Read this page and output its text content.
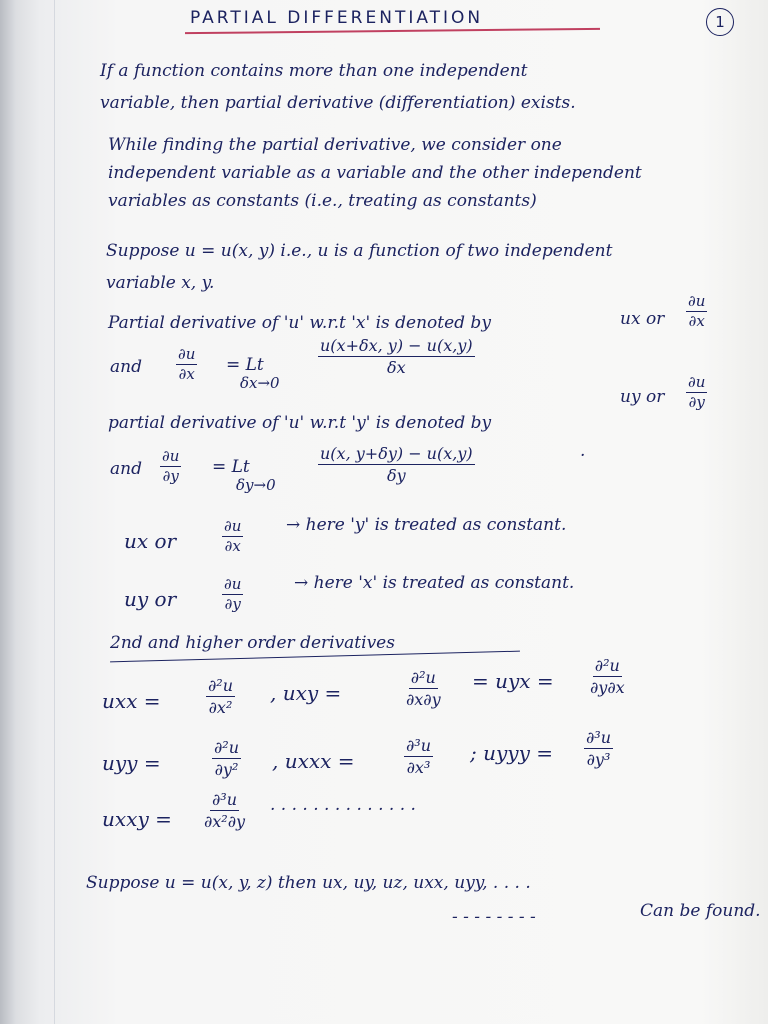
PARTIAL DIFFERENTIATION	1

If a function contains more than one independent

variable, then partial derivative (differentiation) exists.

While finding the partial derivative, we consider one

independent variable as a variable and the other independent

variables as constants (i.e., treating as constants)

Suppose u = u(x, y) i.e., u is a function of two independent

variable x, y.

Partial derivative of 'u' w.r.t 'x' is denoted by	ux or $\frac{\partial u}{\partial x}$

and $\frac{\partial u}{\partial x} = Lt$

δx→0

$\frac{u(x+\delta x, y) - u(x,y)}{\delta x}$

partial derivative of 'u' w.r.t 'y' is denoted by

uy or $\frac{\partial u}{\partial y}$

and $\frac{\partial u}{\partial y} = Lt$

δy→0	$\frac{u(x, y+\delta y) - u(x,y)}{\delta y}$	.

ux or	$\frac{\partial u}{\partial x}$	→ here 'y' is treated as constant.

uy or	$\frac{\partial u}{\partial y}$	→ here 'x' is treated as constant.

2nd and higher order derivatives

uxx =	$\frac{\text{∂²u}}{\text{∂x²}}$ , uxy =	$\frac{\text{∂²u}}{\partial x\partial y}$ = uyx = $\frac{\text{∂²u}}{\partial y\partial x}$

uyy =	$\frac{\text{∂²u}}{\text{∂y²}}$ , uxxx =	$\frac{\text{∂³u}}{\text{∂x³}}$ ; uyyy = $\frac{\text{∂³u}}{\text{∂y³}}$

uxxy = $\frac{\text{∂³u}}{\text{∂x²∂y}}$ . . . . . . . . . . . . . .

Suppose u = u(x, y, z) then ux, uy, uz, uxx, uyy, . . . .

- - - - - - - -	Can be found.
